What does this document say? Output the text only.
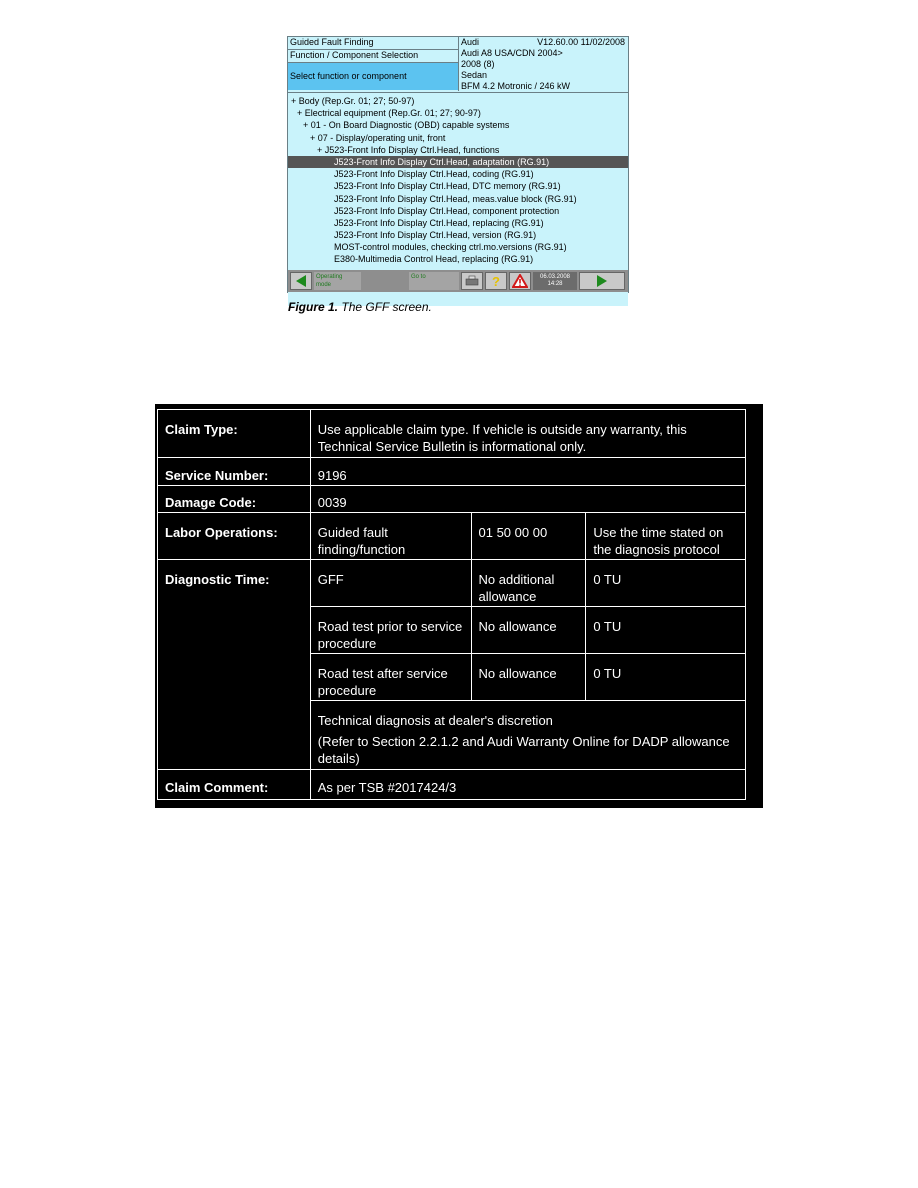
Guided Fault Finding
Function / Component Selection
Select function or component
Audi	V12.60.00 11/02/2008
Audi A8 USA/CDN 2004>
2008 (8)
Sedan
BFM 4.2 Motronic / 246 kW
+ Body (Rep.Gr. 01; 27; 50-97)
+ Electrical equipment (Rep.Gr. 01; 27; 90-97)
+ 01 - On Board Diagnostic (OBD) capable systems
+ 07 - Display/operating unit, front
+ J523-Front Info Display Ctrl.Head, functions
J523-Front Info Display Ctrl.Head, adaptation (RG.91)
J523-Front Info Display Ctrl.Head, coding (RG.91)
J523-Front Info Display Ctrl.Head, DTC memory (RG.91)
J523-Front Info Display Ctrl.Head, meas.value block (RG.91)
J523-Front Info Display Ctrl.Head, component protection
J523-Front Info Display Ctrl.Head, replacing (RG.91)
J523-Front Info Display Ctrl.Head, version (RG.91)
MOST-control modules, checking ctrl.mo.versions (RG.91)
E380-Multimedia Control Head, replacing (RG.91)
Operating mode
Go to	?	06.03.2008
14:28
Figure 1. The GFF screen.
Claim Type:	Use applicable claim type. If vehicle is outside any warranty, this Technical Service Bulletin is informational only.		
Service Number:	9196		
Damage Code:	0039		
Labor Operations:	Guided fault finding/function	01 50 00 00	Use the time stated on the diagnosis protocol
Diagnostic Time:	GFF	No additional allowance	0 TU
	Road test prior to service procedure	No allowance	0 TU
	Road test after service procedure	No allowance	0 TU

	Technical diagnosis at dealer's discretion
(Refer to Section 2.2.1.2 and Audi Warranty Online for DADP allowance details)		

Claim Comment:	As per TSB #2017424/3		
